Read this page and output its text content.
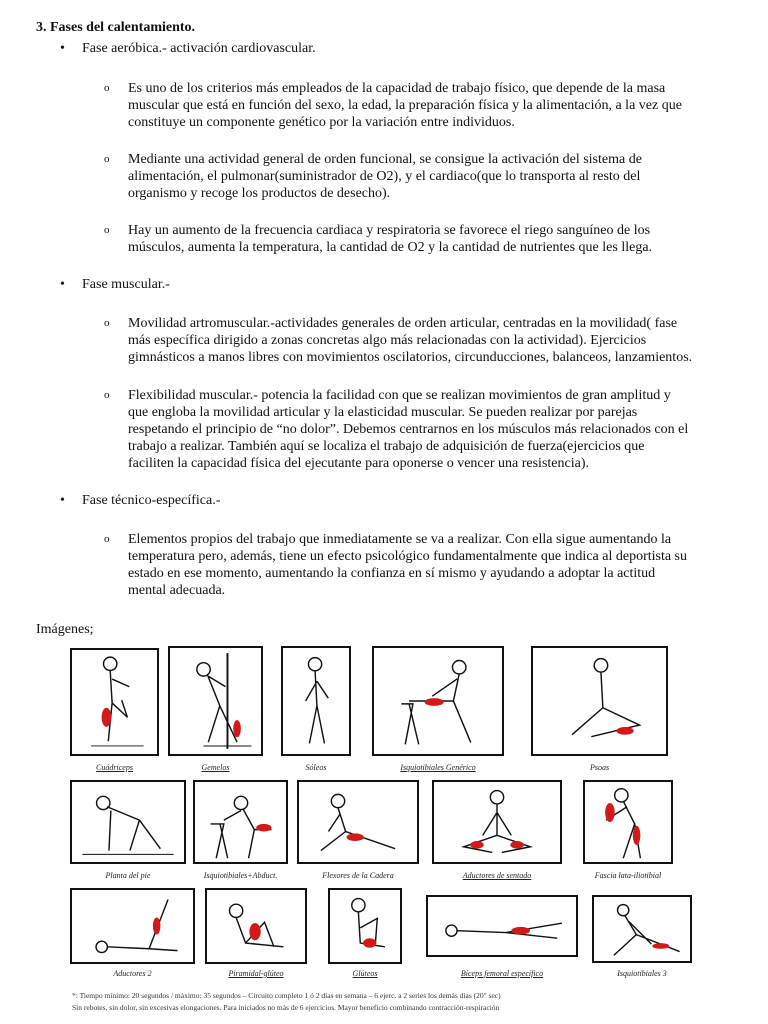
3. Fases del calentamiento.
• Fase aeróbica.- activación cardiovascular.
o Es uno de los criterios más empleados de la capacidad de trabajo físico, que depende de la masa
muscular que está en función del sexo, la edad, la preparación física y la alimentación, a la vez que
constituye un componente genético por la variación entre individuos.
o Mediante una actividad general de orden funcional, se consigue la activación del sistema de
alimentación, el pulmonar(suministrador de O2), y el cardiaco(que lo transporta al resto del
organismo y recoge los productos de desecho).
o Hay un aumento de la frecuencia cardiaca y respiratoria se favorece el riego sanguíneo de los
músculos, aumenta la temperatura, la cantidad de O2 y la cantidad de nutrientes que les llega.
• Fase muscular.-
o Movilidad artromuscular.-actividades generales de orden articular, centradas en la movilidad( fase
más específica dirigido a zonas concretas algo más relacionadas con la actividad). Ejercicios
gimnásticos a manos libres con movimientos oscilatorios, circunducciones, balanceos, lanzamientos.
o Flexibilidad muscular.- potencia la facilidad con que se realizan movimientos de gran amplitud y
que engloba la movilidad articular y la elasticidad muscular. Se pueden realizar por parejas
respetando el principio de “no dolor”. Debemos centrarnos en los músculos más relacionados con el
trabajo a realizar. También aquí se localiza el trabajo de adquisición de fuerza(ejercicios que
faciliten la capacidad física del ejecutante para oponerse o vencer una resistencia).
• Fase técnico-específica.-
o Elementos propios del trabajo que inmediatamente se va a realizar. Con ella sigue aumentando la
temperatura pero, además, tiene un efecto psicológico fundamentalmente que indica al deportista su
estado en ese momento, aumentando la confianza en sí mismo y ayudando a adoptar la actitud
mental adecuada.
Imágenes;
Cuádriceps	Gemelos	Sóleos	Isquiotibiales Genérico	Psoas
Planta del pie	Isquiotibiales+Abduct.	Flexores de la Cadera	Aductores de sentado	Fascia lata-iliotibial
Aductores 2	Piramidal-glúteo	Glúteos	Bíceps femoral específico	Isquiotibiales 3
*: Tiempo mínimo: 20 segundos / máximo: 35 segundos – Circuito completo 1 ó 2 días en semana – 6 ejerc. a 2 series los demás días (20" sec)
Sin rebotes, sin dolor, sin excesivas elongaciones. Para iniciados no más de 6 ejercicios. Mayor beneficio combinando contracción-respiración
